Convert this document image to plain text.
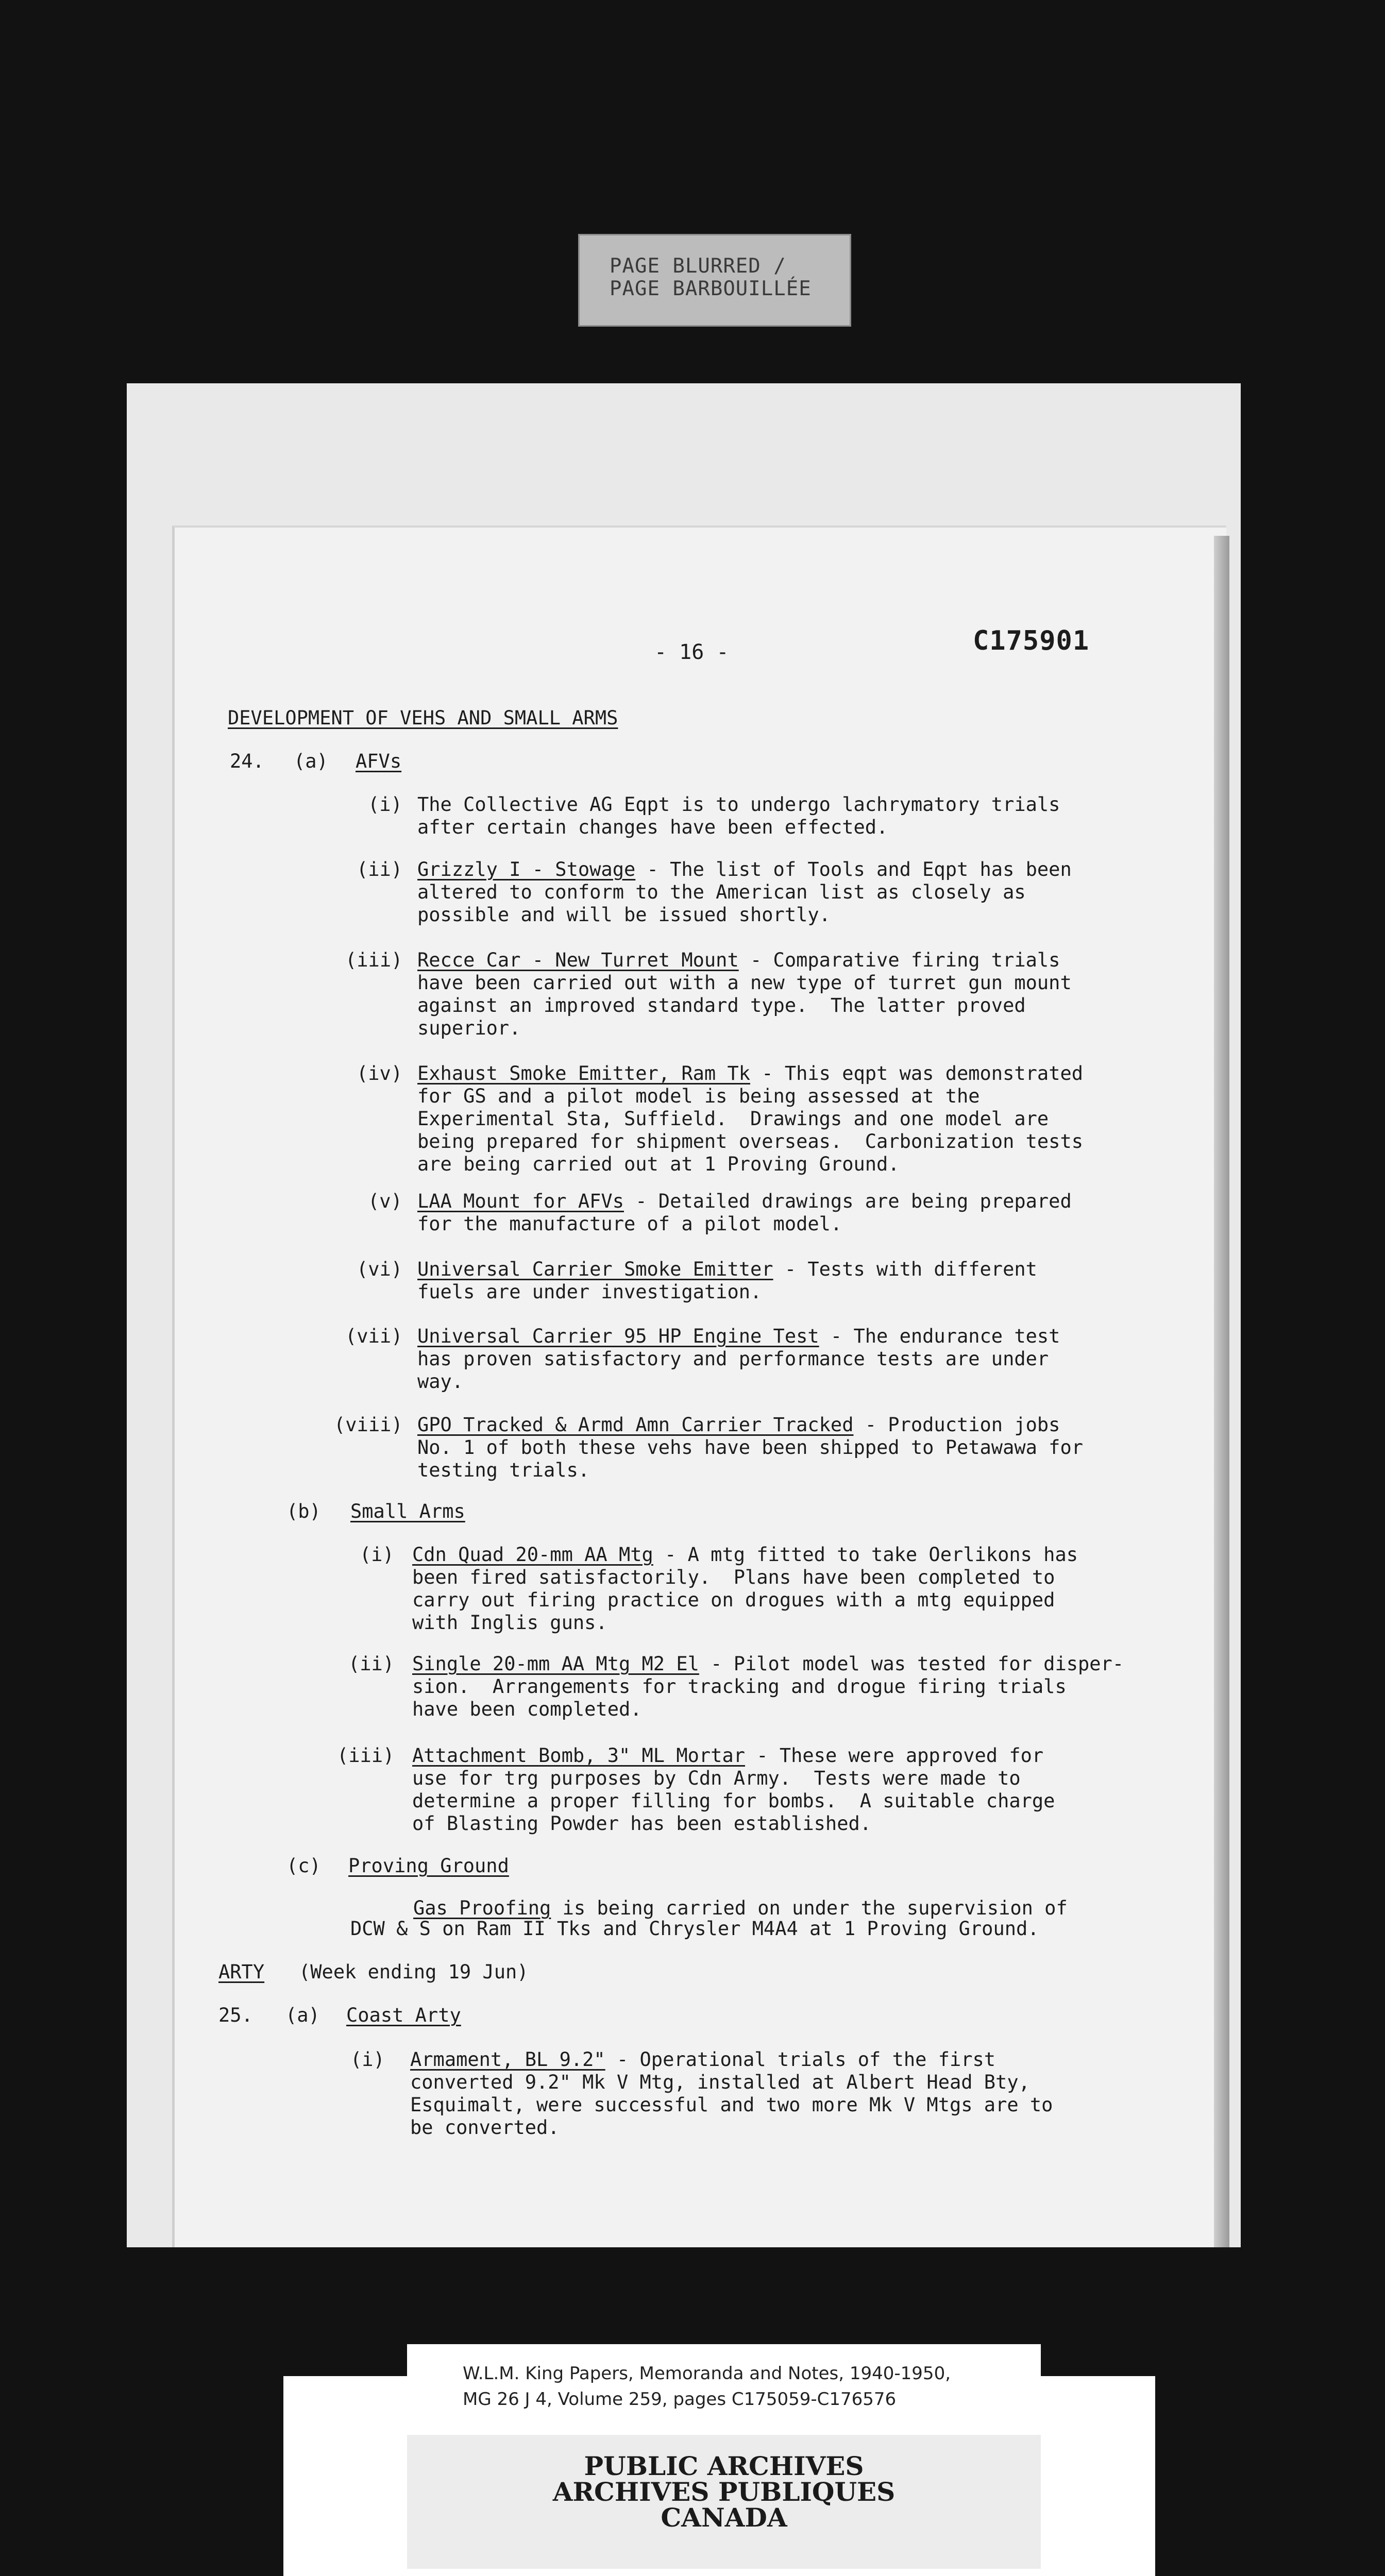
PAGE BLURRED /
PAGE BARBOUILLÉE
- 16 -	C175901
DEVELOPMENT OF VEHS AND SMALL ARMS
24. (a) AFVs
(i) The Collective AG Eqpt is to undergo lachrymatory trials
after certain changes have been effected.
(ii) Grizzly I - Stowage - The list of Tools and Eqpt has been
altered to conform to the American list as closely as
possible and will be issued shortly.
(iii) Recce Car - New Turret Mount - Comparative firing trials
have been carried out with a new type of turret gun mount
against an improved standard type.  The latter proved
superior.
(iv) Exhaust Smoke Emitter, Ram Tk - This eqpt was demonstrated
for GS and a pilot model is being assessed at the
Experimental Sta, Suffield.  Drawings and one model are
being prepared for shipment overseas.  Carbonization tests
are being carried out at 1 Proving Ground.
(v) LAA Mount for AFVs - Detailed drawings are being prepared
for the manufacture of a pilot model.
(vi) Universal Carrier Smoke Emitter - Tests with different
fuels are under investigation.
(vii) Universal Carrier 95 HP Engine Test - The endurance test
has proven satisfactory and performance tests are under
way.
(viii) GPO Tracked & Armd Amn Carrier Tracked - Production jobs
No. 1 of both these vehs have been shipped to Petawawa for
testing trials.
(b) Small Arms
(i) Cdn Quad 20-mm AA Mtg - A mtg fitted to take Oerlikons has
been fired satisfactorily.  Plans have been completed to
carry out firing practice on drogues with a mtg equipped
with Inglis guns.
(ii) Single 20-mm AA Mtg M2 El - Pilot model was tested for disper-
sion.  Arrangements for tracking and drogue firing trials
have been completed.
(iii) Attachment Bomb, 3" ML Mortar - These were approved for
use for trg purposes by Cdn Army.  Tests were made to
determine a proper filling for bombs.  A suitable charge
of Blasting Powder has been established.
(c) Proving Ground
Gas Proofing is being carried on under the supervision of
DCW & S on Ram II Tks and Chrysler M4A4 at 1 Proving Ground.
ARTY (Week ending 19 Jun)
25. (a) Coast Arty
(i) Armament, BL 9.2" - Operational trials of the first
converted 9.2" Mk V Mtg, installed at Albert Head Bty,
Esquimalt, were successful and two more Mk V Mtgs are to
be converted.
W.L.M. King Papers, Memoranda and Notes, 1940-1950,
MG 26 J 4, Volume 259, pages C175059-C176576
PUBLIC ARCHIVES
ARCHIVES PUBLIQUES
CANADA
